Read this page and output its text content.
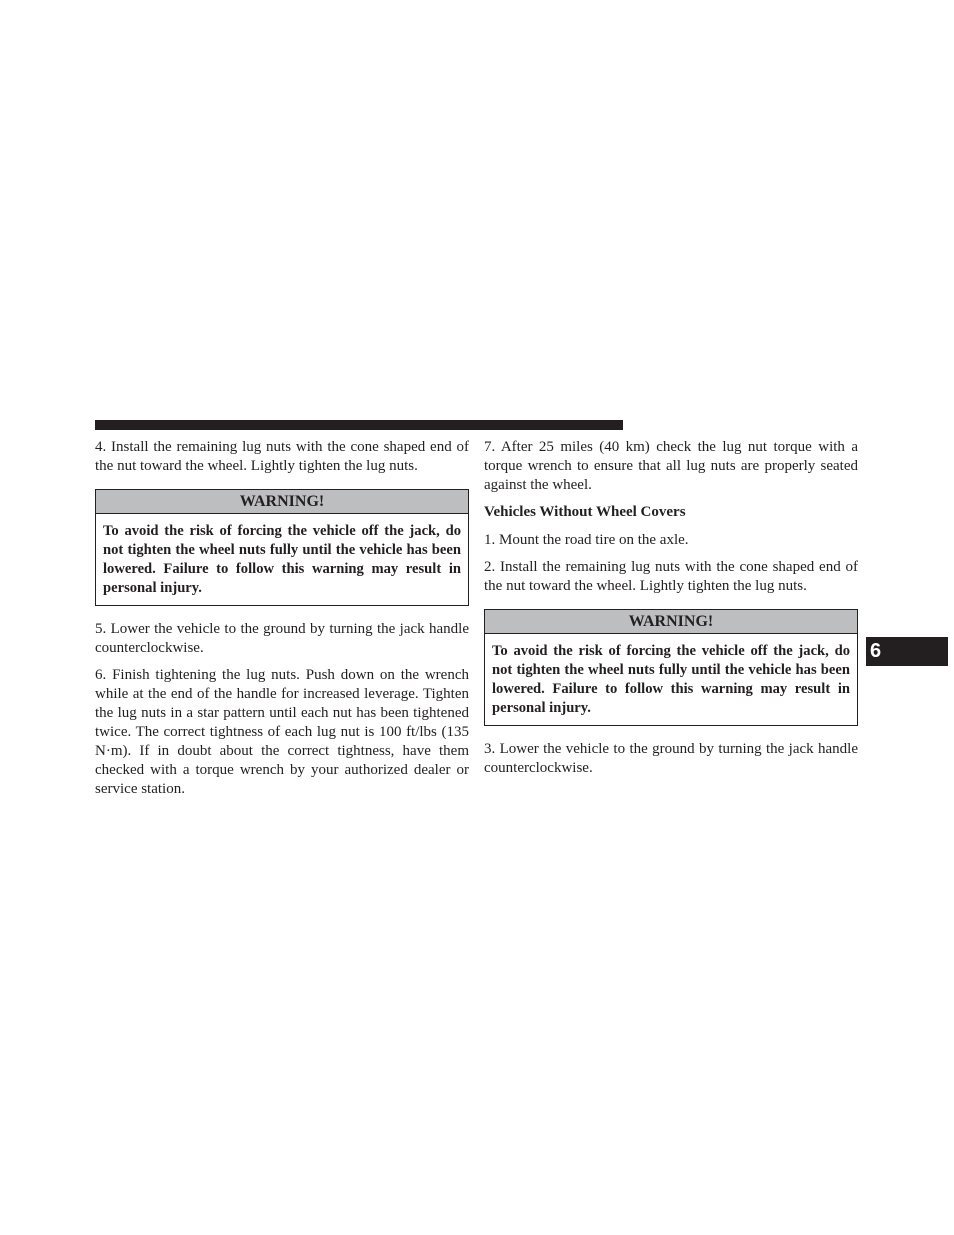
4. Install the remaining lug nuts with the cone shaped end of the nut toward the wheel. Lightly tighten the lug nuts.

WARNING!
To avoid the risk of forcing the vehicle off the jack, do not tighten the wheel nuts fully until the vehicle has been lowered. Failure to follow this warning may result in personal injury.

5. Lower the vehicle to the ground by turning the jack handle counterclockwise.

6. Finish tightening the lug nuts. Push down on the wrench while at the end of the handle for increased leverage. Tighten the lug nuts in a star pattern until each nut has been tightened twice. The correct tightness of each lug nut is 100 ft/lbs (135 N·m). If in doubt about the correct tightness, have them checked with a torque wrench by your authorized dealer or service station.

7. After 25 miles (40 km) check the lug nut torque with a torque wrench to ensure that all lug nuts are properly seated against the wheel.

Vehicles Without Wheel Covers

1. Mount the road tire on the axle.

2. Install the remaining lug nuts with the cone shaped end of the nut toward the wheel. Lightly tighten the lug nuts.

WARNING!
To avoid the risk of forcing the vehicle off the jack, do not tighten the wheel nuts fully until the vehicle has been lowered. Failure to follow this warning may result in personal injury.

3. Lower the vehicle to the ground by turning the jack handle counterclockwise.

6
